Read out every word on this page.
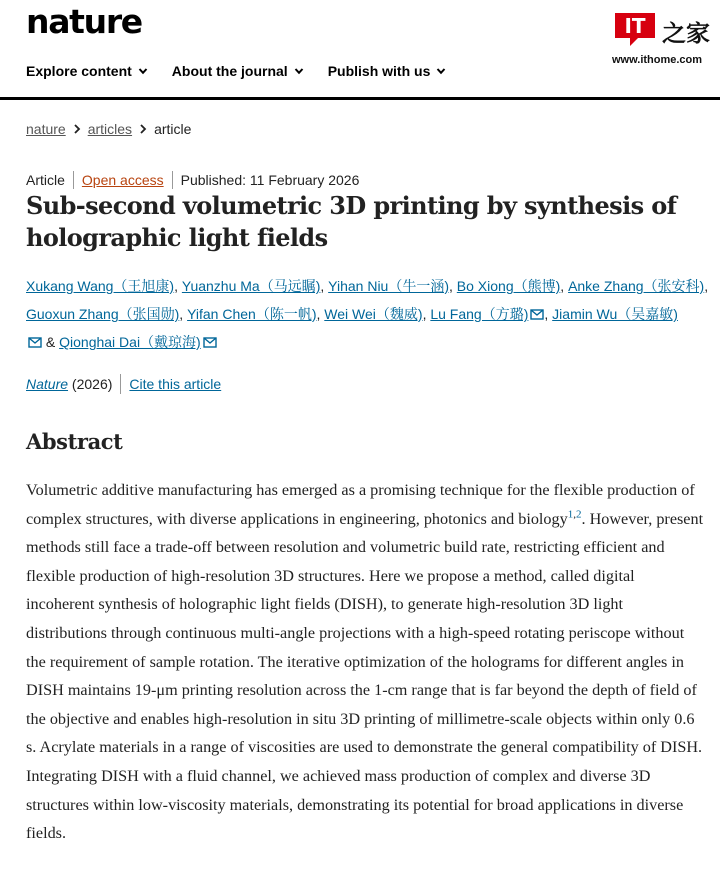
nature	IT 之家
www.ithome.com
Explore content	About the journal	Publish with us
nature articles article
Article Open access Published: 11 February 2026
Sub-second volumetric 3D printing by synthesis of holographic light fields
Xukang Wang（王旭康), Yuanzhu Ma（马远瞩), Yihan Niu（牛一涵), Bo Xiong（熊博), Anke Zhang（张安科), Guoxun Zhang（张国勋), Yifan Chen（陈一帆), Wei Wei（魏威), Lu Fang（方璐) , Jiamin Wu（吴嘉敏)
& Qionghai Dai（戴琼海)
Nature
(2026) Cite this article
Abstract

Volumetric additive manufacturing has emerged as a promising technique for the flexible production of complex structures, with diverse applications in engineering, photonics and biology$^{1,2}$. However, present methods still face a trade-off between resolution and volumetric build rate, restricting efficient and flexible production of high-resolution 3D structures. Here we propose a method, called digital incoherent synthesis of holographic light fields (DISH), to generate high-resolution 3D light distributions through continuous multi-angle projections with a high-speed rotating periscope without the requirement of sample rotation. The iterative optimization of the holograms for different angles in DISH maintains 19-μm printing resolution across the 1-cm range that is far beyond the depth of field of the objective and enables high-resolution in situ 3D printing of millimetre-scale objects within only 0.6 s. Acrylate materials in a range of viscosities are used to demonstrate the general compatibility of DISH. Integrating DISH with a fluid channel, we achieved mass production of complex and diverse 3D structures within low-viscosity materials, demonstrating its potential for broad applications in diverse fields.
